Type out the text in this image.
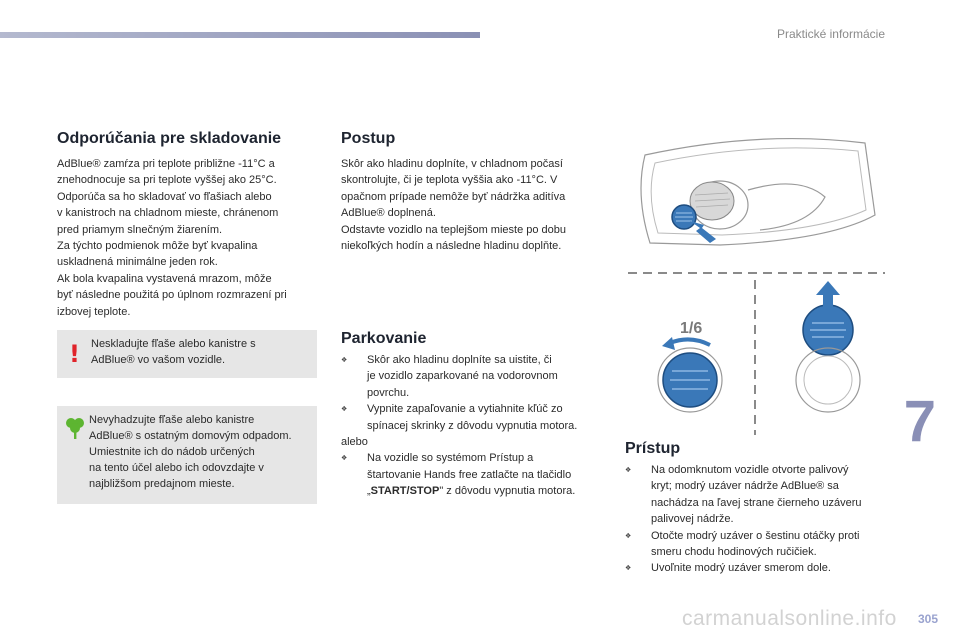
Praktické informácie
7
Odporúčania pre skladovanie

AdBlue® zamŕza pri teplote približne -11°C a
znehodnocuje sa pri teplote vyššej ako 25°C.
Odporúča sa ho skladovať vo fľašiach alebo
v kanistroch na chladnom mieste, chránenom
pred priamym slnečným žiarením.
Za týchto podmienok môže byť kvapalina
uskladnená minimálne jeden rok.
Ak bola kvapalina vystavená mrazom, môže
byť následne použitá po úplnom rozmrazení pri
izbovej teplote.

! Neskladujte fľaše alebo kanistre s
AdBlue® vo vašom vozidle.

Nevyhadzujte fľaše alebo kanistre
AdBlue® s ostatným domovým odpadom.
Umiestnite ich do nádob určených
na tento účel alebo ich odovzdajte v
najbližšom predajnom mieste.

Postup

Skôr ako hladinu doplníte, v chladnom počasí
skontrolujte, či je teplota vyššia ako -11°C. V
opačnom prípade nemôže byť nádržka aditíva
AdBlue® doplnená.
Odstavte vozidlo na teplejšom mieste po dobu
niekoľkých hodín a následne hladinu doplňte.

Parkovanie
❖ Skôr ako hladinu doplníte sa uistite, či
je vozidlo zaparkované na vodorovnom
povrchu.
❖ Vypnite zapaľovanie a vytiahnite kľúč zo
spínacej skrinky z dôvodu vypnutia motora.
alebo
❖ Na vozidle so systémom Prístup a
štartovanie Hands free zatlačte na tlačidlo
„START/STOP" z dôvodu vypnutia motora.
1/6
Prístup
❖ Na odomknutom vozidle otvorte palivový
kryt; modrý uzáver nádrže AdBlue® sa
nachádza na ľavej strane čierneho uzáveru
palivovej nádrže.
❖ Otočte modrý uzáver o šestinu otáčky proti
smeru chodu hodinových ručičiek.
❖ Uvoľnite modrý uzáver smerom dole.
carmanualsonline.info 305
